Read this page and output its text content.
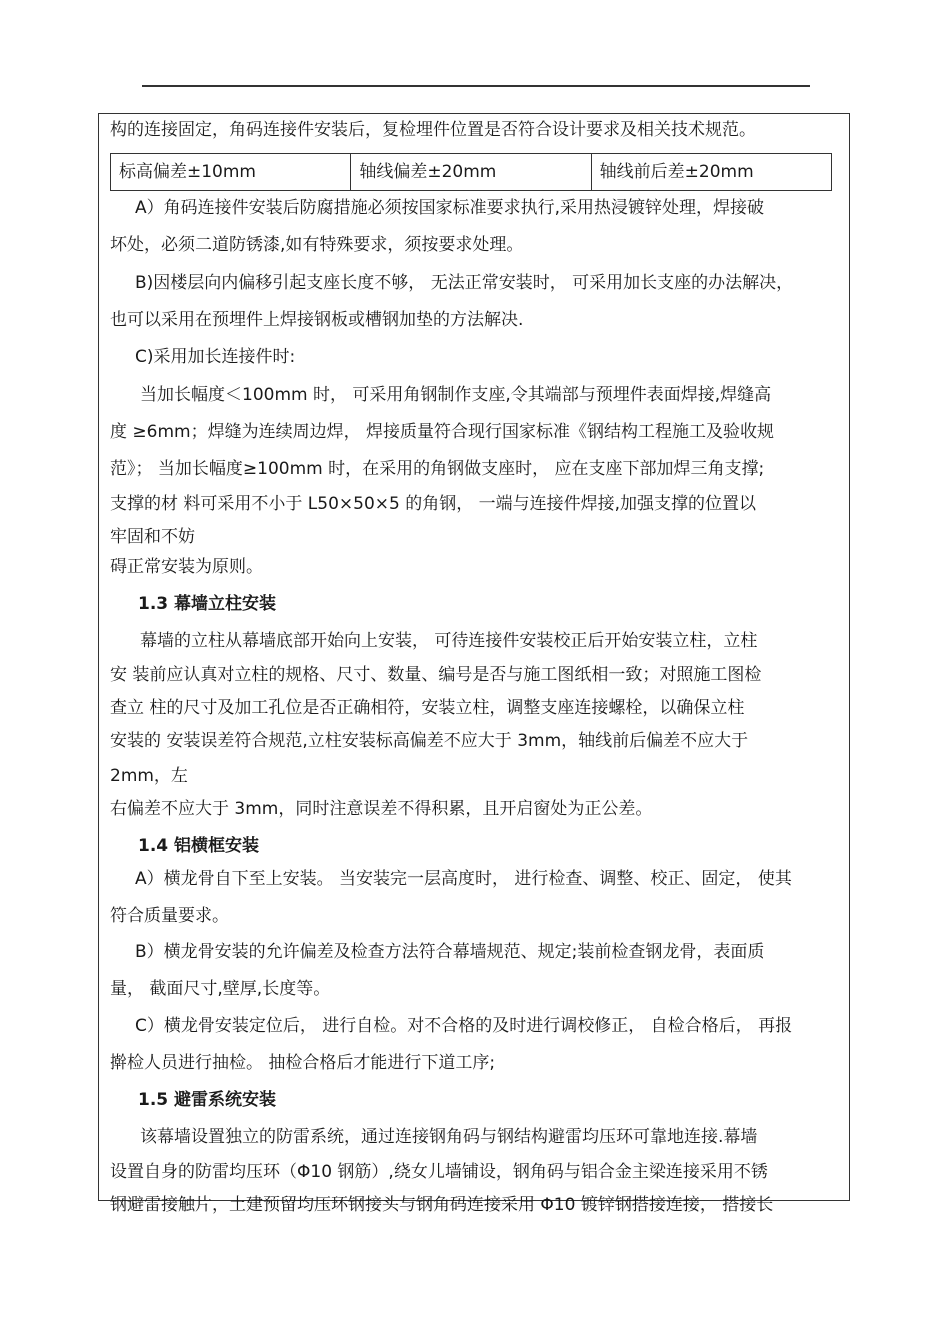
构的连接固定，角码连接件安装后，复检埋件位置是否符合设计要求及相关技术规范。
标高偏差±10mm	轴线偏差±20mm	轴线前后差±20mm
A）角码连接件安装后防腐措施必须按国家标准要求执行,采用热浸镀锌处理，焊接破
坏处，必须二道防锈漆,如有特殊要求，须按要求处理。
B)因楼层向内偏移引起支座长度不够， 无法正常安装时， 可采用加长支座的办法解决，
也可以采用在预埋件上焊接钢板或槽钢加垫的方法解决.
C)采用加长连接件时:
当加长幅度＜100mm 时， 可采用角钢制作支座,令其端部与预埋件表面焊接,焊缝高
度 ≥6mm；焊缝为连续周边焊， 焊接质量符合现行国家标准《钢结构工程施工及验收规
范》； 当加长幅度≥100mm 时，在采用的角钢做支座时， 应在支座下部加焊三角支撑;
支撑的材 料可采用不小于 L50×50×5 的角钢， 一端与连接件焊接,加强支撑的位置以
牢固和不妨
碍正常安装为原则。
1.3 幕墙立柱安装
幕墙的立柱从幕墙底部开始向上安装， 可待连接件安装校正后开始安装立柱，立柱
安 装前应认真对立柱的规格、尺寸、数量、编号是否与施工图纸相一致；对照施工图检
查立 柱的尺寸及加工孔位是否正确相符，安装立柱，调整支座连接螺栓，以确保立柱
安装的 安装误差符合规范,立柱安装标高偏差不应大于 3mm，轴线前后偏差不应大于
2mm，左
右偏差不应大于 3mm，同时注意误差不得积累，且开启窗处为正公差。
1.4 铝横框安装
A）横龙骨自下至上安装。 当安装完一层高度时， 进行检查、调整、校正、固定， 使其
符合质量要求。
B）横龙骨安装的允许偏差及检查方法符合幕墙规范、规定;装前检查钢龙骨，表面质
量， 截面尺寸,壁厚,长度等。
C）横龙骨安装定位后， 进行自检。对不合格的及时进行调校修正， 自检合格后， 再报
擀检人员进行抽检。 抽检合格后才能进行下道工序;
1.5 避雷系统安装
该幕墙设置独立的防雷系统，通过连接钢角码与钢结构避雷均压环可靠地连接.幕墙
设置自身的防雷均压环（Φ10 钢筋）,绕女儿墙铺设，钢角码与铝合金主梁连接采用不锈
钢避雷接触片，土建预留均压环钢接头与钢角码连接采用 Φ10 镀锌钢搭接连接， 搭接长
